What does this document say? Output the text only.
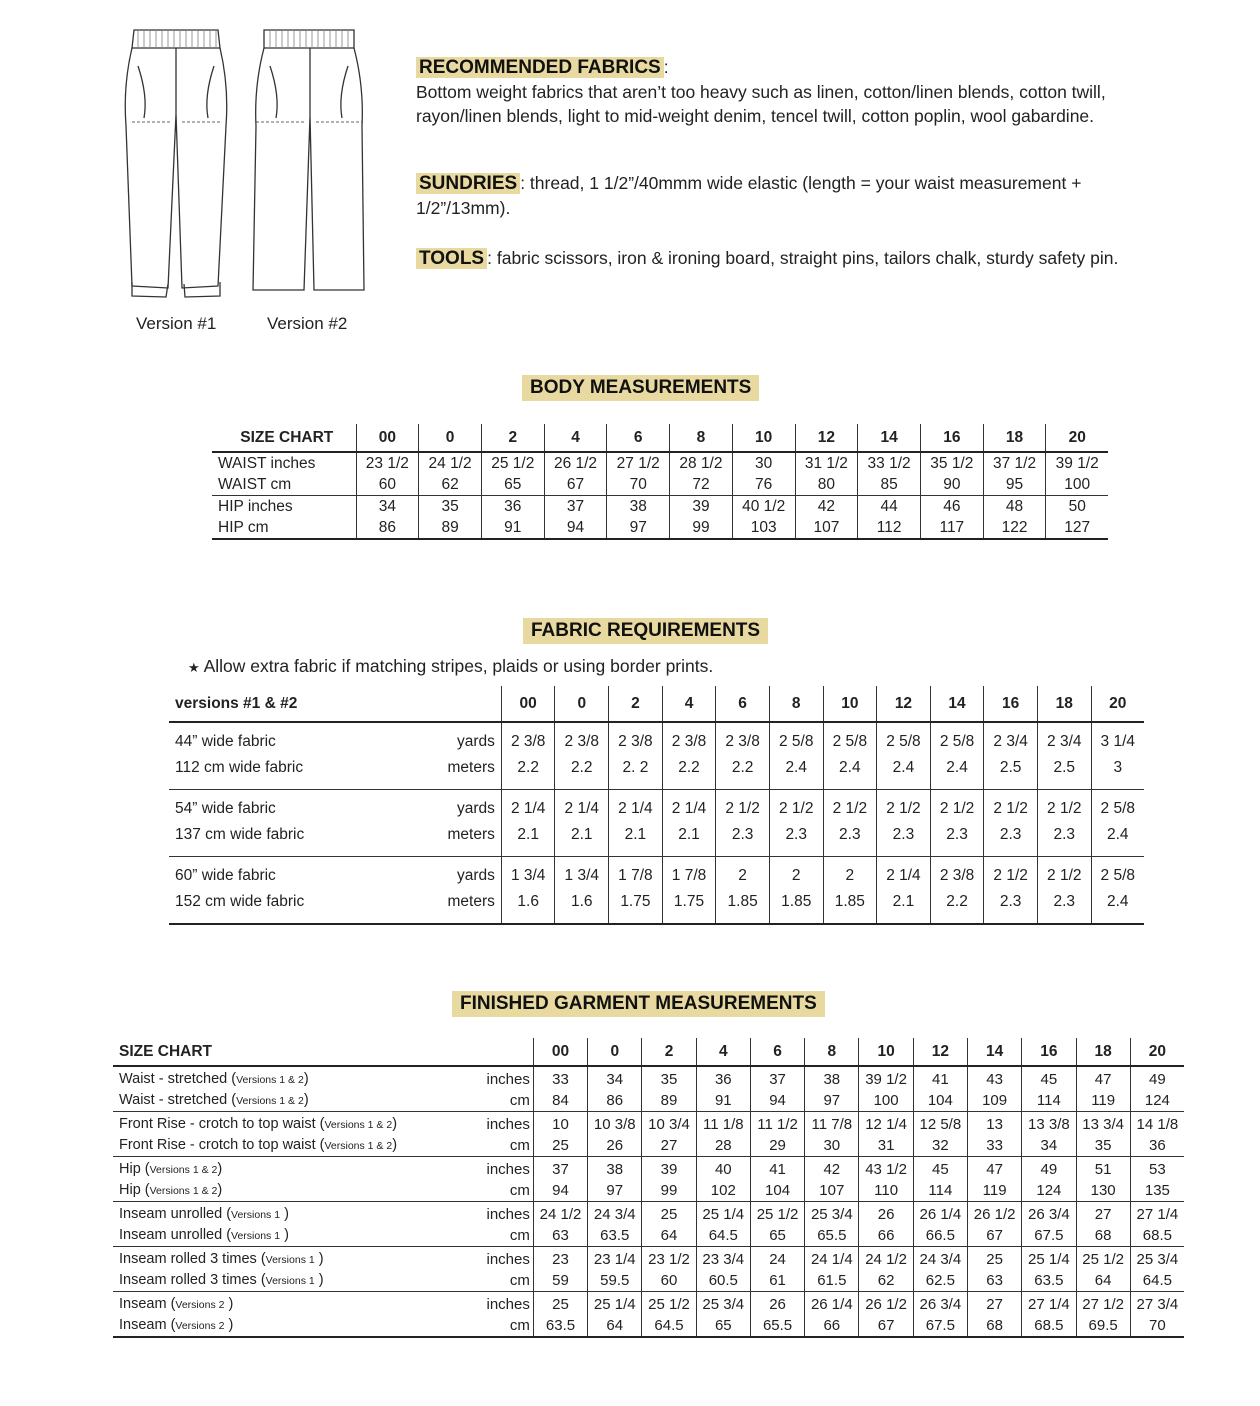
Version #1	Version #2
RECOMMENDED FABRICS :
Bottom weight fabrics that aren’t too heavy such as linen, cotton/linen blends, cotton twill,
rayon/linen blends, light to mid-weight denim, tencel twill, cotton poplin, wool gabardine.
SUNDRIES : thread, 1 1/2”/40mmm wide elastic (length = your waist measurement +
1/2”/13mm).
TOOLS : fabric scissors, iron & ironing board, straight pins, tailors chalk, sturdy safety pin.
BODY MEASUREMENTS
SIZE CHART	00	0	2	4	6	8	10	12	14	16	18	20
WAIST inches	23 1/2	24 1/2	25 1/2	26 1/2	27 1/2	28 1/2	30	31 1/2	33 1/2	35 1/2	37 1/2	39 1/2
WAIST cm	60	62	65	67	70	72	76	80	85	90	95	100
HIP inches	34	35	36	37	38	39	40 1/2	42	44	46	48	50
HIP cm	86	89	91	94	97	99	103	107	112	117	122	127
FABRIC REQUIREMENTS
★ Allow extra fabric if matching stripes, plaids or using border prints.
versions #1 & #2		00	0	2	4	6	8	10	12	14	16	18	20
44” wide fabric	yards	2 3/8	2 3/8	2 3/8	2 3/8	2 3/8	2 5/8	2 5/8	2 5/8	2 5/8	2 3/4	2 3/4	3 1/4
112 cm wide fabric	meters	2.2	2.2	2. 2	2.2	2.2	2.4	2.4	2.4	2.4	2.5	2.5	3
54” wide fabric	yards	2 1/4	2 1/4	2 1/4	2 1/4	2 1/2	2 1/2	2 1/2	2 1/2	2 1/2	2 1/2	2 1/2	2 5/8
137 cm wide fabric	meters	2.1	2.1	2.1	2.1	2.3	2.3	2.3	2.3	2.3	2.3	2.3	2.4
60” wide fabric	yards	1 3/4	1 3/4	1 7/8	1 7/8	2	2	2	2 1/4	2 3/8	2 1/2	2 1/2	2 5/8
152 cm wide fabric	meters	1.6	1.6	1.75	1.75	1.85	1.85	1.85	2.1	2.2	2.3	2.3	2.4
FINISHED GARMENT MEASUREMENTS
SIZE CHART		00	0	2	4	6	8	10	12	14	16	18	20
Waist - stretched (Versions 1 & 2)	inches	33	34	35	36	37	38	39 1/2	41	43	45	47	49
Waist - stretched (Versions 1 & 2)	cm	84	86	89	91	94	97	100	104	109	114	119	124
Front Rise - crotch to top waist (Versions 1 & 2)	inches	10	10 3/8	10 3/4	11 1/8	11 1/2	11 7/8	12 1/4	12 5/8	13	13 3/8	13 3/4	14 1/8
Front Rise - crotch to top waist (Versions 1 & 2)	cm	25	26	27	28	29	30	31	32	33	34	35	36
Hip (Versions 1 & 2)	inches	37	38	39	40	41	42	43 1/2	45	47	49	51	53
Hip (Versions 1 & 2)	cm	94	97	99	102	104	107	110	114	119	124	130	135
Inseam unrolled (Versions 1 )	inches	24 1/2	24 3/4	25	25 1/4	25 1/2	25 3/4	26	26 1/4	26 1/2	26 3/4	27	27 1/4
Inseam unrolled (Versions 1 )	cm	63	63.5	64	64.5	65	65.5	66	66.5	67	67.5	68	68.5
Inseam rolled 3 times (Versions 1 )	inches	23	23 1/4	23 1/2	23 3/4	24	24 1/4	24 1/2	24 3/4	25	25 1/4	25 1/2	25 3/4
Inseam rolled 3 times (Versions 1 )	cm	59	59.5	60	60.5	61	61.5	62	62.5	63	63.5	64	64.5
Inseam (Versions 2 )	inches	25	25 1/4	25 1/2	25 3/4	26	26 1/4	26 1/2	26 3/4	27	27 1/4	27 1/2	27 3/4
Inseam (Versions 2 )	cm	63.5	64	64.5	65	65.5	66	67	67.5	68	68.5	69.5	70
